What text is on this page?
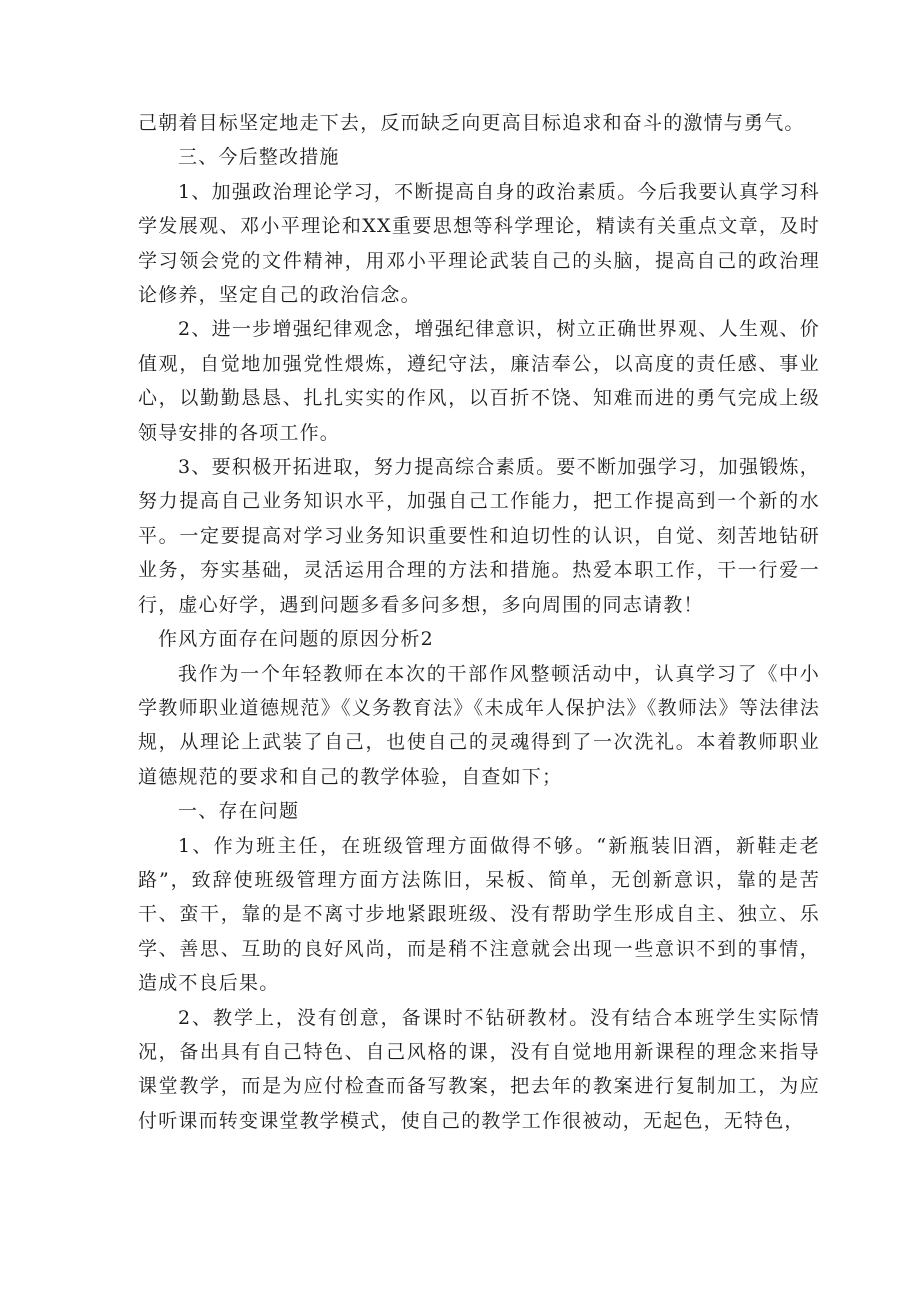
己朝着目标坚定地走下去，反而缺乏向更高目标追求和奋斗的激情与勇气。

三、今后整改措施

1、加强政治理论学习，不断提高自身的政治素质。今后我要认真学习科学发展观、邓小平理论和XX重要思想等科学理论，精读有关重点文章，及时学习领会党的文件精神，用邓小平理论武装自己的头脑，提高自己的政治理论修养，坚定自己的政治信念。

2、进一步增强纪律观念，增强纪律意识，树立正确世界观、人生观、价值观，自觉地加强党性煨炼，遵纪守法，廉洁奉公，以高度的责任感、事业心，以勤勤恳恳、扎扎实实的作风，以百折不饶、知难而进的勇气完成上级领导安排的各项工作。

3、要积极开拓进取，努力提高综合素质。要不断加强学习，加强锻炼，努力提高自己业务知识水平，加强自己工作能力，把工作提高到一个新的水平。一定要提高对学习业务知识重要性和迫切性的认识，自觉、刻苦地钻研业务，夯实基础，灵活运用合理的方法和措施。热爱本职工作，干一行爱一行，虚心好学，遇到问题多看多问多想，多向周围的同志请教！

作风方面存在问题的原因分析2

我作为一个年轻教师在本次的干部作风整顿活动中，认真学习了《中小学教师职业道德规范》《义务教育法》《未成年人保护法》《教师法》等法律法规，从理论上武装了自己，也使自己的灵魂得到了一次洗礼。本着教师职业道德规范的要求和自己的教学体验，自查如下；

一、存在问题

1、作为班主任，在班级管理方面做得不够。“新瓶装旧酒，新鞋走老路”，致辞使班级管理方面方法陈旧，呆板、简单，无创新意识，靠的是苦干、蛮干，靠的是不离寸步地紧跟班级、没有帮助学生形成自主、独立、乐学、善思、互助的良好风尚，而是稍不注意就会出现一些意识不到的事情，造成不良后果。

2、教学上，没有创意，备课时不钻研教材。没有结合本班学生实际情况，备出具有自己特色、自己风格的课，没有自觉地用新课程的理念来指导课堂教学，而是为应付检查而备写教案，把去年的教案进行复制加工，为应付听课而转变课堂教学模式，使自己的教学工作很被动，无起色，无特色，
